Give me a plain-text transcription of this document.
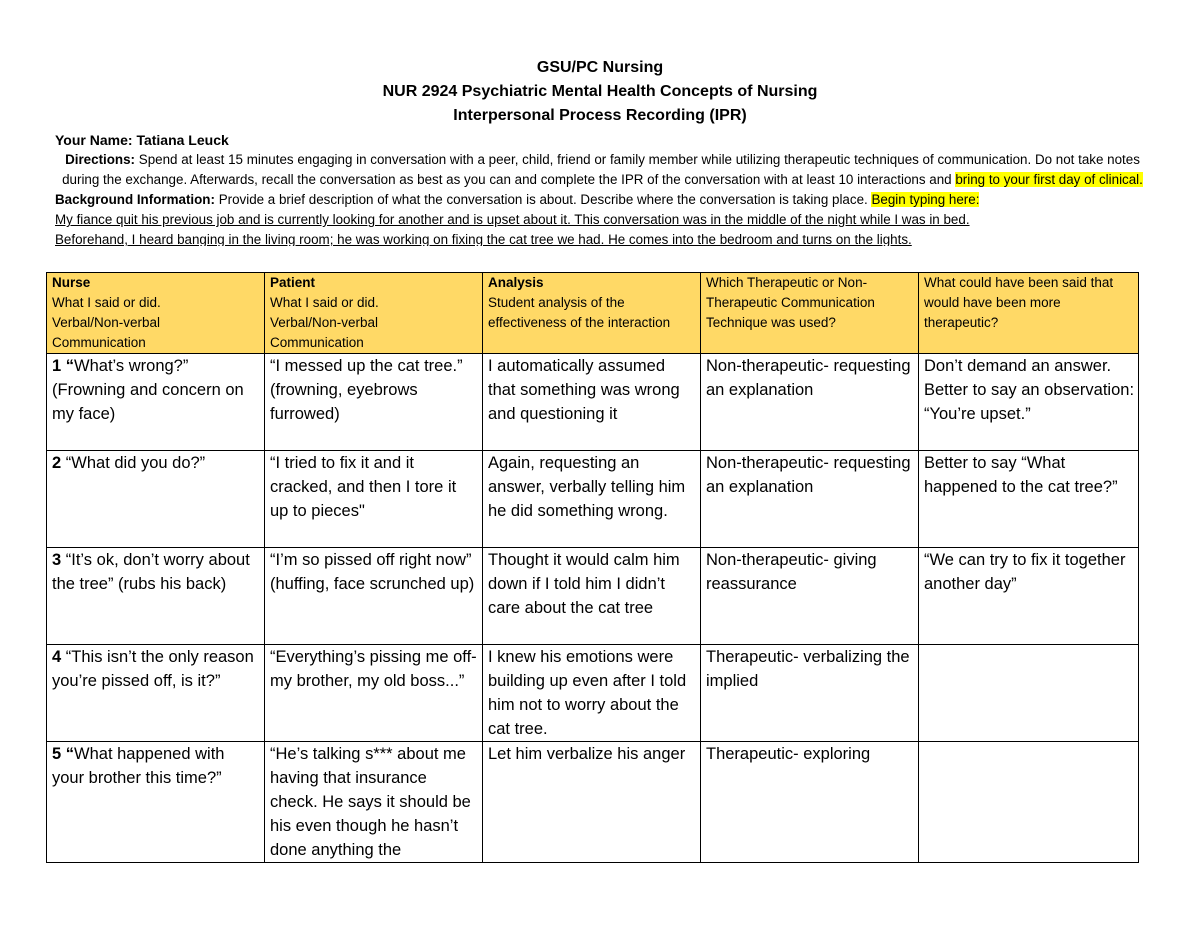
GSU/PC Nursing
NUR 2924 Psychiatric Mental Health Concepts of Nursing
Interpersonal Process Recording (IPR)
Your Name: Tatiana Leuck
Directions: Spend at least 15 minutes engaging in conversation with a peer, child, friend or family member while utilizing therapeutic techniques of communication. Do not take notes during the exchange. Afterwards, recall the conversation as best as you can and complete the IPR of the conversation with at least 10 interactions and bring to your first day of clinical.
Background Information: Provide a brief description of what the conversation is about. Describe where the conversation is taking place. Begin typing here:
My fiance quit his previous job and is currently looking for another and is upset about it. This conversation was in the middle of the night while I was in bed.
Beforehand, I heard banging in the living room; he was working on fixing the cat tree we had. He comes into the bedroom and turns on the lights.
Nurse
What I said or did.
Verbal/Non-verbal
Communication	Patient
What I said or did.
Verbal/Non-verbal
Communication	Analysis
Student analysis of the
effectiveness of the interaction	Which Therapeutic or Non-Therapeutic Communication Technique was used?	What could have been said that would have been more therapeutic?
1 “What’s wrong?” (Frowning and concern on my face)	“I messed up the cat tree.” (frowning, eyebrows furrowed)	I automatically assumed that something was wrong and questioning it	Non-therapeutic- requesting an explanation	Don’t demand an answer. Better to say an observation: “You’re upset.”
2 “What did you do?”	“I tried to fix it and it cracked, and then I tore it up to pieces"	Again, requesting an answer, verbally telling him he did something wrong.	Non-therapeutic- requesting an explanation	Better to say “What happened to the cat tree?”
3 “It’s ok, don’t worry about the tree” (rubs his back)	“I’m so pissed off right now” (huffing, face scrunched up)	Thought it would calm him down if I told him I didn’t care about the cat tree	Non-therapeutic- giving reassurance	“We can try to fix it together another day”
4 “This isn’t the only reason you’re pissed off, is it?”	“Everything’s pissing me off- my brother, my old boss...”	I knew his emotions were building up even after I told him not to worry about the cat tree.	Therapeutic- verbalizing the implied	
5 “What happened with your brother this time?”	“He’s talking s*** about me having that insurance check. He says it should be his even though he hasn’t done anything the	Let him verbalize his anger	Therapeutic- exploring	
